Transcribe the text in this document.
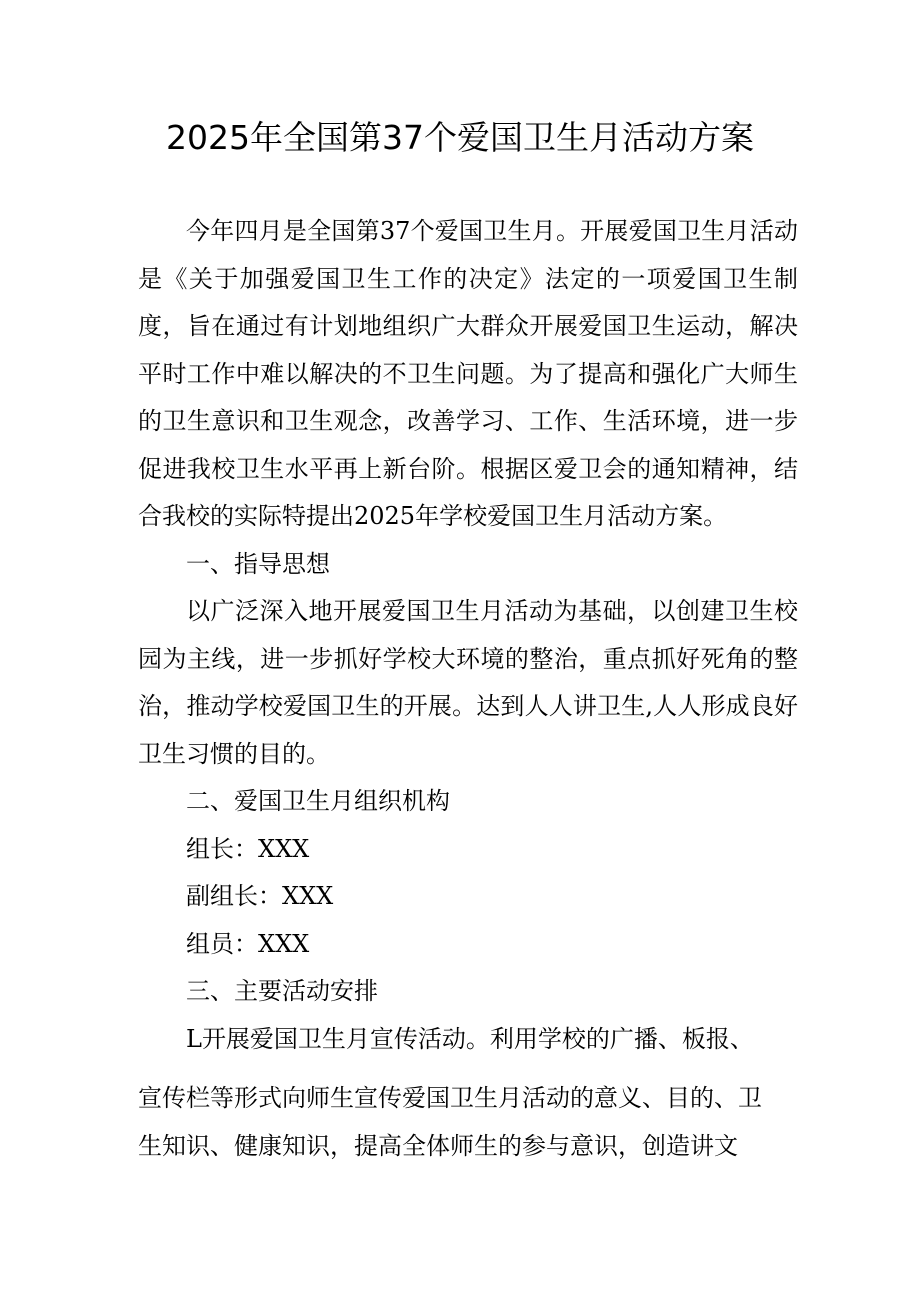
2025年全国第37个爱国卫生月活动方案

今年四月是全国第37个爱国卫生月。开展爱国卫生月活动是《关于加强爱国卫生工作的决定》法定的一项爱国卫生制度，旨在通过有计划地组织广大群众开展爱国卫生运动，解决平时工作中难以解决的不卫生问题。为了提高和强化广大师生的卫生意识和卫生观念，改善学习、工作、生活环境，进一步促进我校卫生水平再上新台阶。根据区爱卫会的通知精神，结合我校的实际特提出2025年学校爱国卫生月活动方案。

一、指导思想

以广泛深入地开展爱国卫生月活动为基础，以创建卫生校园为主线，进一步抓好学校大环境的整治，重点抓好死角的整治，推动学校爱国卫生的开展。达到人人讲卫生,人人形成良好卫生习惯的目的。

二、爱国卫生月组织机构

组长：XXX

副组长：XXX

组员：XXX

三、主要活动安排

L开展爱国卫生月宣传活动。利用学校的广播、板报、

宣传栏等形式向师生宣传爱国卫生月活动的意义、目的、卫
生知识、健康知识，提高全体师生的参与意识，创造讲文
